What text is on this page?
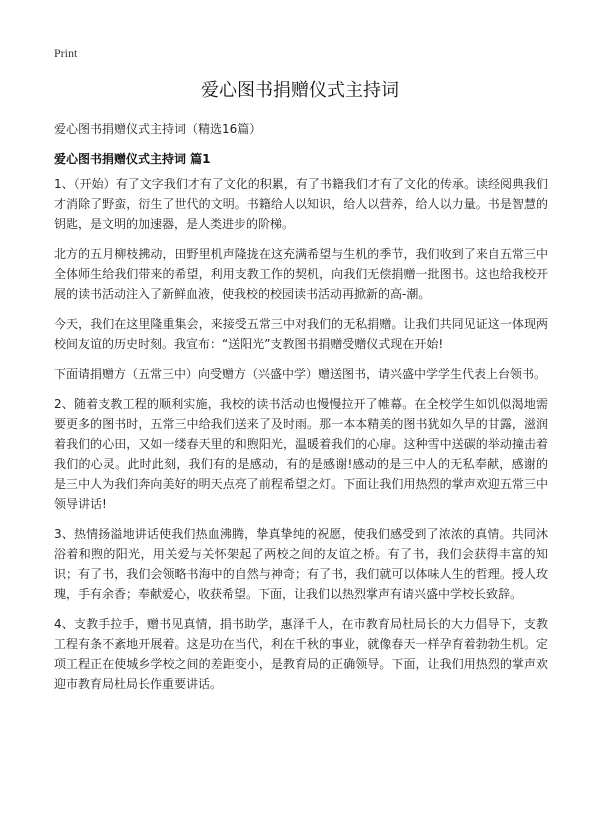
Print

爱心图书捐赠仪式主持词

爱心图书捐赠仪式主持词（精选16篇）

爱心图书捐赠仪式主持词 篇1

1、（开始）有了文字我们才有了文化的积累，有了书籍我们才有了文化的传承。读经阅典我们才消除了野蛮，衍生了世代的文明。书籍给人以知识，给人以营养，给人以力量。书是智慧的钥匙，是文明的加速器，是人类进步的阶梯。

北方的五月柳枝拂动，田野里机声隆拢在这充满希望与生机的季节，我们收到了来自五常三中全体师生给我们带来的希望，利用支教工作的契机，向我们无偿捐赠一批图书。这也给我校开展的读书活动注入了新鲜血液，使我校的校园读书活动再掀新的高-潮。

今天，我们在这里隆重集会，来接受五常三中对我们的无私捐赠。让我们共同见证这一体现两校间友谊的历史时刻。我宣布：“送阳光”支教图书捐赠受赠仪式现在开始!

下面请捐赠方（五常三中）向受赠方（兴盛中学）赠送图书，请兴盛中学学生代表上台领书。

2、随着支教工程的顺利实施，我校的读书活动也慢慢拉开了帷幕。在全校学生如饥似渴地需要更多的图书时，五常三中给我们送来了及时雨。那一本本精美的图书犹如久旱的甘露，滋润着我们的心田，又如一缕春天里的和煦阳光，温暖着我们的心扉。这种雪中送碳的举动撞击着我们的心灵。此时此刻，我们有的是感动，有的是感谢!感动的是三中人的无私奉献，感谢的是三中人为我们奔向美好的明天点亮了前程希望之灯。下面让我们用热烈的掌声欢迎五常三中领导讲话!

3、热情扬溢地讲话使我们热血沸腾，挚真挚纯的祝愿，使我们感受到了浓浓的真情。共同沐浴着和煦的阳光，用关爱与关怀架起了两校之间的友谊之桥。有了书，我们会获得丰富的知识；有了书，我们会领略书海中的自然与神奇；有了书，我们就可以体味人生的哲理。授人玫瑰，手有余香；奉献爱心，收获希望。下面，让我们以热烈掌声有请兴盛中学校长致辞。

4、支教手拉手，赠书见真情，捐书助学，惠泽千人，在市教育局杜局长的大力倡导下，支教工程有条不紊地开展着。这是功在当代，利在千秋的事业，就像春天一样孕育着勃勃生机。定项工程正在使城乡学校之间的差距变小，是教育局的正确领导。下面，让我们用热烈的掌声欢迎市教育局杜局长作重要讲话。
